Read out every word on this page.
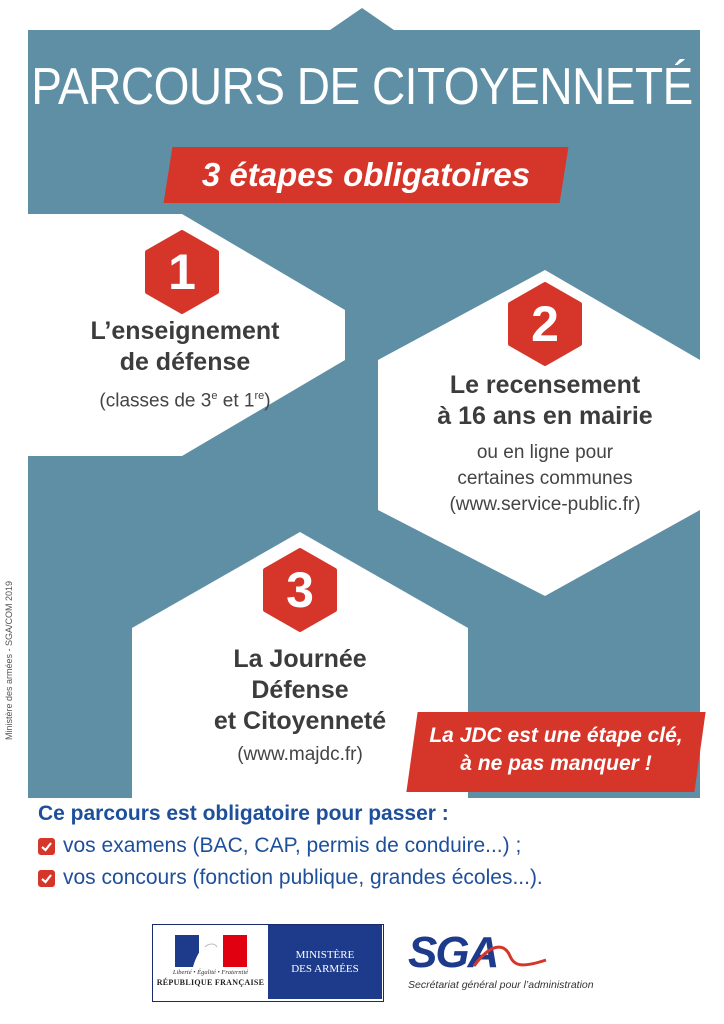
PARCOURS DE CITOYENNETÉ
3 étapes obligatoires
1
L’enseignement
de défense
(classes de 3e et 1re)
2
Le recensement
à 16 ans en mairie
ou en ligne pour
certaines communes
(www.service-public.fr)
3
La Journée
Défense
et Citoyenneté
(www.majdc.fr)
La JDC est une étape clé,
à ne pas manquer !
Ce parcours est obligatoire pour passer :
vos examens (BAC, CAP, permis de conduire...) ;
vos concours (fonction publique, grandes écoles...).
Ministère des armées - SGA/COM 2019
Liberté • Égalité • Fraternité
RÉPUBLIQUE FRANÇAISE
MINISTÈRE
DES ARMÉES SGA
Secrétariat général pour l’administration
